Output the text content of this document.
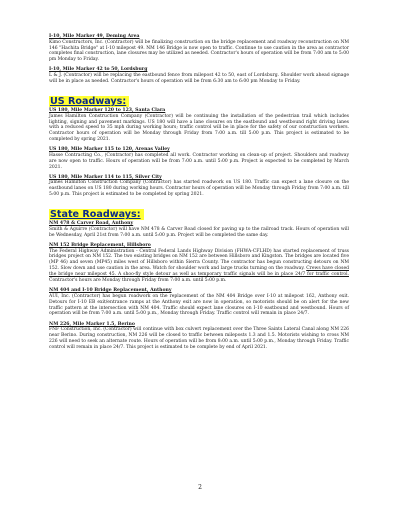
I-10, Mile Marker 49, Deming Area

Kimo Constructors, Inc. (Contractor) will be finalizing construction on the bridge replacement and roadway reconstruction on NM 146 "Hachita Bridge" at I-10 milepost 49. NM 146 Bridge is now open to traffic. Continue to use caution in the area as contractor completes final construction, lane closures may be utilized as needed. Contractor's hours of operation will be from 7:00 am to 5:00 pm Monday to Friday.

I-10, Mile Marker 42 to 50, Lordsburg

L & J. (Contractor) will be replacing the eastbound fence from milepost 42 to 50, east of Lordsburg. Shoulder work ahead signage will be in place as needed. Contractor's hours of operation will be from 6:30 am to 6:00 pm Monday to Friday.

US Roadways:

US 180, Mile Marker 120 to 123, Santa Clara

James Hamilton Construction Company (Contractor) will be continuing the installation of the pedestrian trail which includes lighting, signing and pavement markings. US 180 will have a lane closures on the eastbound and westbound right driving lanes with a reduced speed to 35 mph during working hours; traffic control will be in place for the safety of our construction workers. Contractor hours of operation will be Monday through Friday from 7:00 a.m. till 5:00 p.m. This project is estimated to be completed by spring 2021.

US 180, Mile Marker 115 to 120, Arenas Valley

Hasse Contracting Co., (Contractor) has completed all work. Contractor working on clean-up of project. Shoulders and roadway are now open to traffic. Hours of operation will be from 7:00 a.m. until 5:00 p.m. Project is expected to be completed by March 2021.

US 180, Mile Marker 114 to 115, Silver City

James Hamilton Construction Company (Contractor) has started roadwork on US 180. Traffic can expect a lane closure on the eastbound lanes on US 180 during working hours. Contractor hours of operation will be Monday through Friday from 7:00 a.m. till 5:00 p.m. This project is estimated to be completed by spring 2021.

State Roadways:

NM 478 & Carver Road, Anthony

Smith & Aguirre (Contractor) will have NM 478 & Carver Road closed for paving up to the railroad track. Hours of operation will be Wednesday, April 21st from 7:00 a.m. until 5:00 p.m. Project will be completed the same day.

NM 152 Bridge Replacement, Hillsboro

The Federal Highway Administration - Central Federal Lands Highway Division (FHWA-CFLHD) has started replacement of truss bridges project on NM 152. The two existing bridges on NM 152 are between Hillsboro and Kingston. The bridges are located five (MP 46) and seven (MP45) miles west of Hillsboro within Sierra County. The contractor has begun constructing detours on NM 152. Slow down and use caution in the area. Watch for shoulder work and large trucks turning on the roadway. Crews have closed the bridge near milepost 45. A shoo-fly style detour as well as temporary traffic signals will be in place 24/7 for traffic control. Contractor's hours are Monday through Friday from 7:00 a.m. until 5:00 p.m.

NM 404 and I-10 Bridge Replacement, Anthony

AUI, Inc. (Contractor) has begun roadwork on the replacement of the NM 404 Bridge over I-10 at milepost 162, Anthony exit. Detours for I-10 EB exit/entrance ramps at the Anthony exit are now in operation, so motorists should be on alert for the new traffic pattern at the intersection with NM 404. Traffic should expect lane closures on I-10 eastbound and westbound. Hours of operation will be from 7:00 a.m. until 5:00 p.m., Monday through Friday. Traffic control will remain in place 24/7.

NM 226, Mile Marker 1.5, Berino

FNF Construction, Inc. (Contractor) will continue with box culvert replacement over the Three Saints Lateral Canal along NM 226 near Berino. During construction, NM 226 will be closed to traffic between mileposts 1.3 and 1.5. Motorists wishing to cross NM 226 will need to seek an alternate route. Hours of operation will be from 8:00 a.m. until 5:00 p.m., Monday through Friday. Traffic control will remain in place 24/7. This project is estimated to be complete by end of April 2021.

2
